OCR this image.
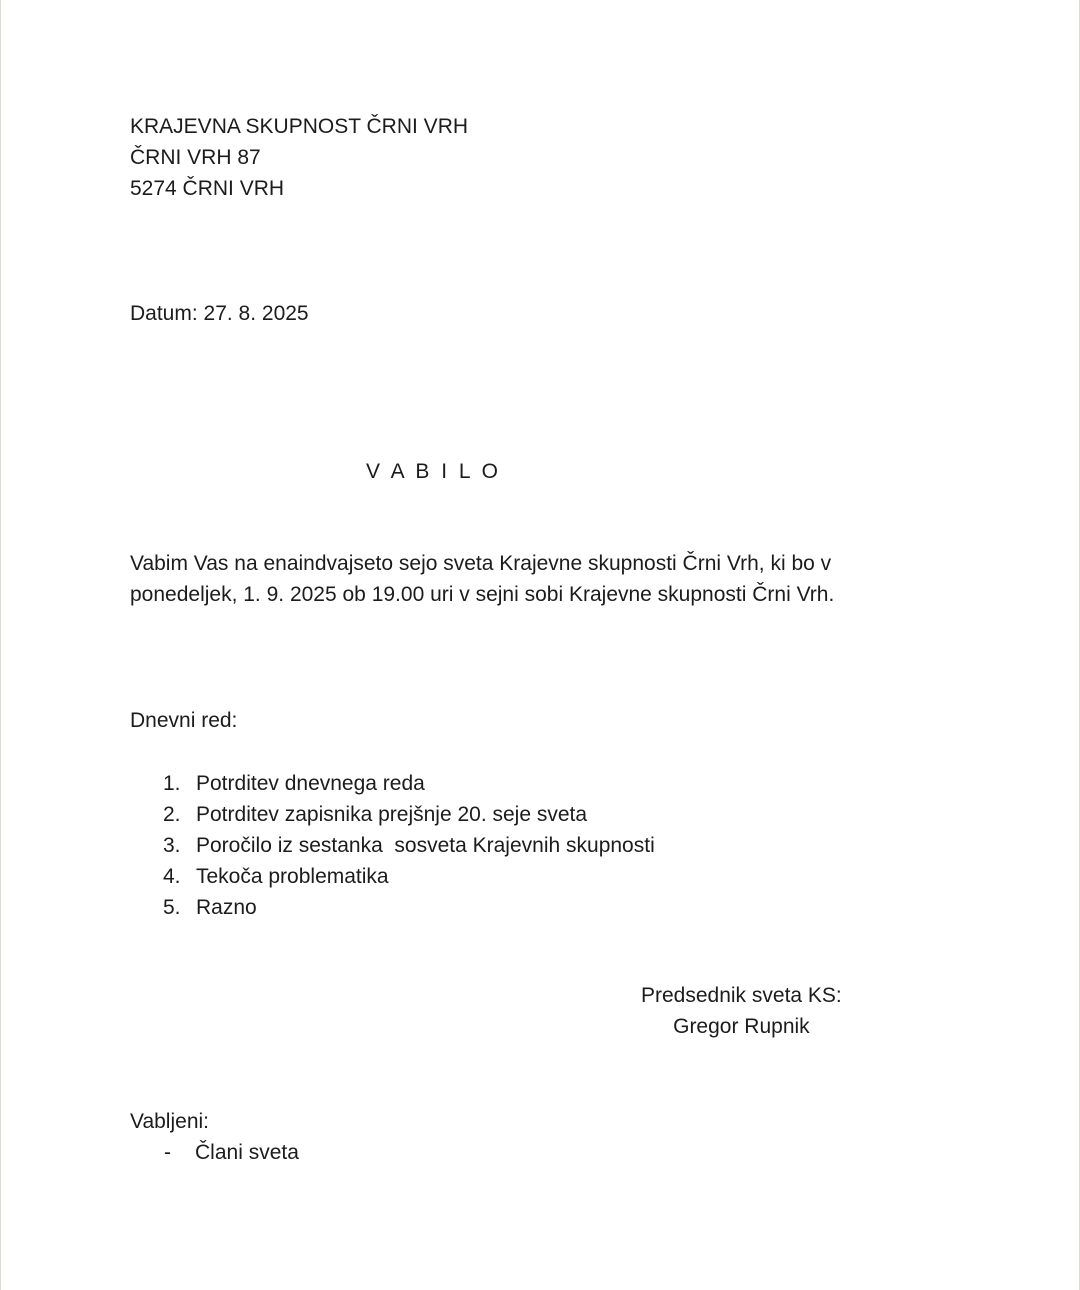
KRAJEVNA SKUPNOST ČRNI VRH
ČRNI VRH 87
5274 ČRNI VRH
Datum: 27. 8. 2025
V A B I L O
Vabim Vas na enaindvajseto sejo sveta Krajevne skupnosti Črni Vrh, ki bo v
ponedeljek, 1. 9. 2025 ob 19.00 uri v sejni sobi Krajevne skupnosti Črni Vrh.
Dnevni red:
1. Potrditev dnevnega reda
2. Potrditev zapisnika prejšnje 20. seje sveta
3. Poročilo iz sestanka  sosveta Krajevnih skupnosti
4. Tekoča problematika
5. Razno
Predsednik sveta KS:
Gregor Rupnik
Vabljeni:
- Člani sveta
